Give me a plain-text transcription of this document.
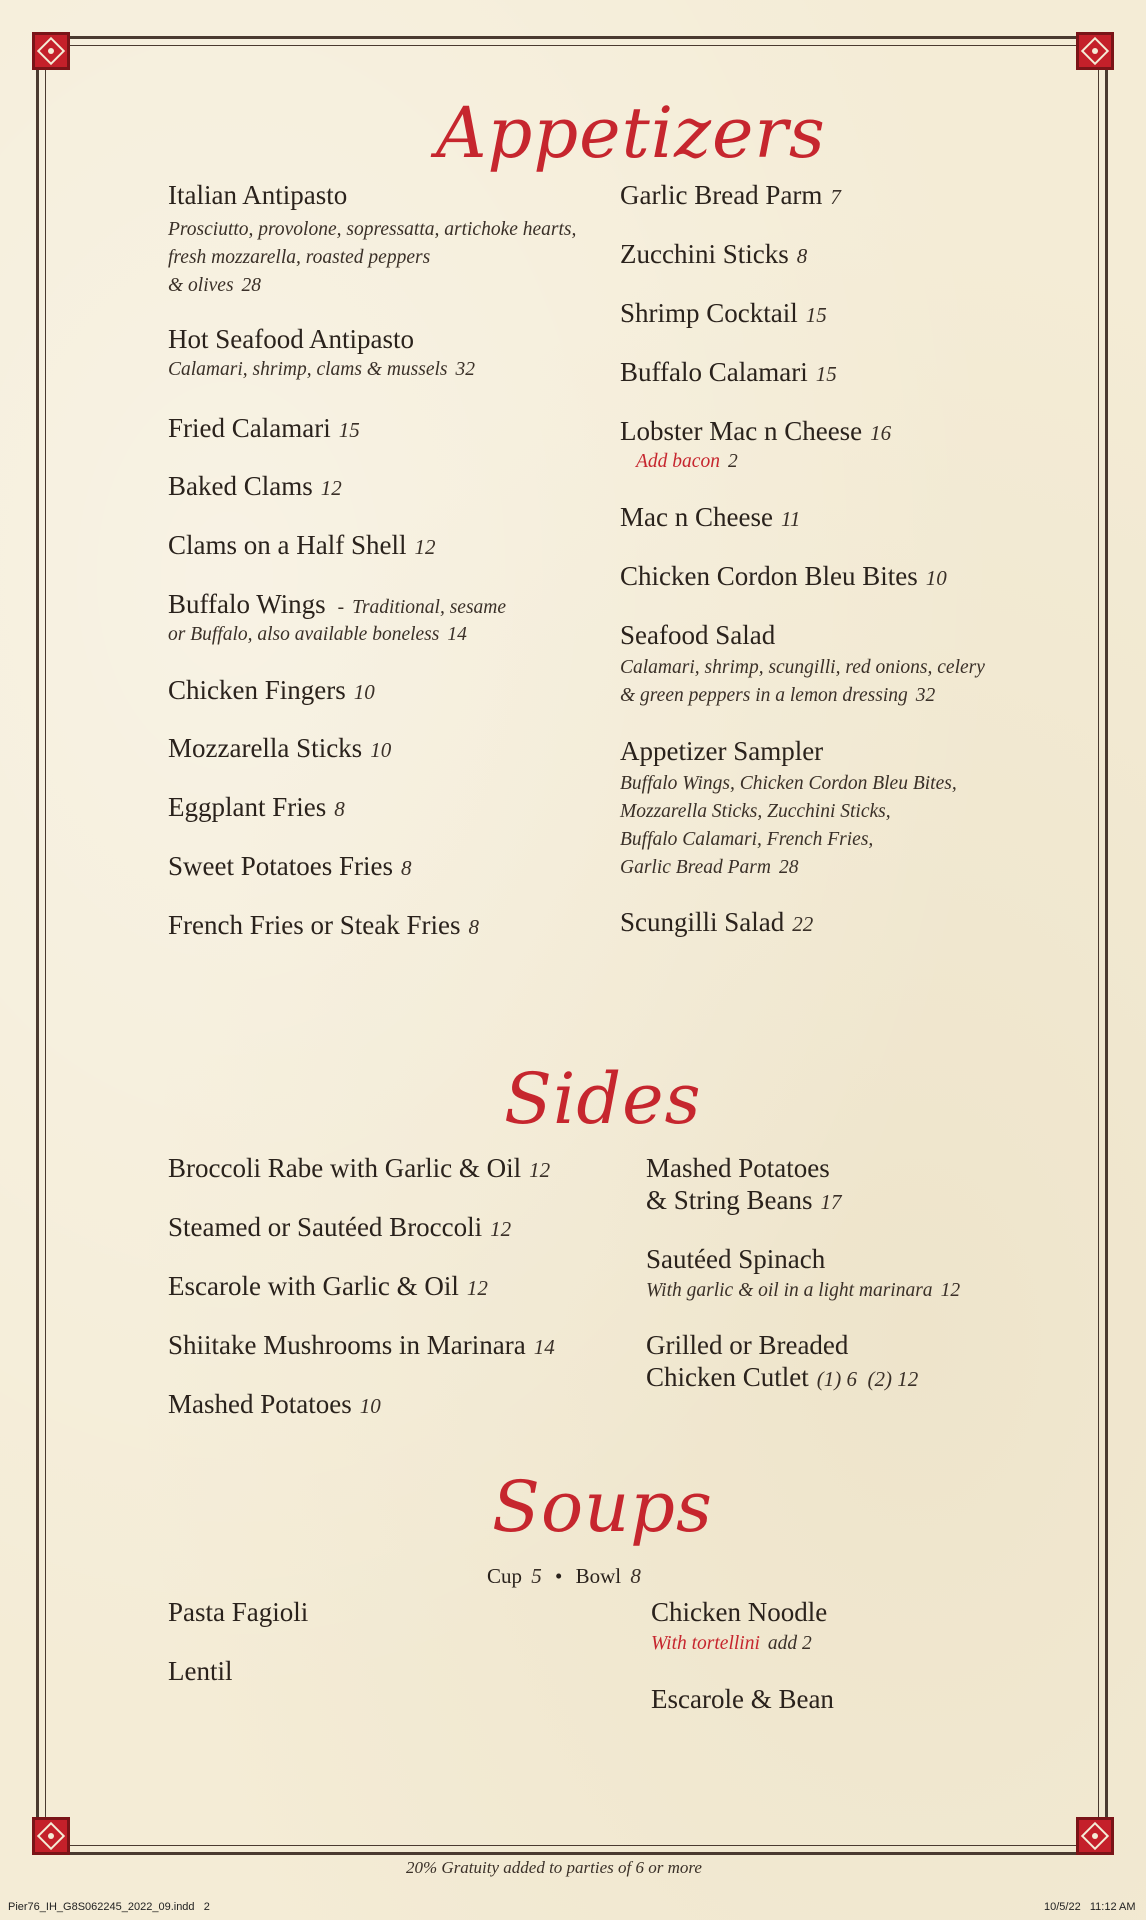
Appetizers
Italian Antipasto
Prosciutto, provolone, sopressatta, artichoke hearts,
fresh mozzarella, roasted peppers
& olives 28
Hot Seafood Antipasto
Calamari, shrimp, clams & mussels 32
Fried Calamari 15
Baked Clams 12
Clams on a Half Shell 12
Buffalo Wings - Traditional, sesame
or Buffalo, also available boneless 14
Chicken Fingers 10
Mozzarella Sticks 10
Eggplant Fries 8
Sweet Potatoes Fries 8
French Fries or Steak Fries 8
Garlic Bread Parm 7
Zucchini Sticks 8
Shrimp Cocktail 15
Buffalo Calamari 15
Lobster Mac n Cheese 16
Add bacon 2
Mac n Cheese 11
Chicken Cordon Bleu Bites 10
Seafood Salad
Calamari, shrimp, scungilli, red onions, celery
& green peppers in a lemon dressing 32
Appetizer Sampler
Buffalo Wings, Chicken Cordon Bleu Bites,
Mozzarella Sticks, Zucchini Sticks,
Buffalo Calamari, French Fries,
Garlic Bread Parm 28
Scungilli Salad 22
Sides
Broccoli Rabe with Garlic & Oil 12
Steamed or Sautéed Broccoli 12
Escarole with Garlic & Oil 12
Shiitake Mushrooms in Marinara 14
Mashed Potatoes 10
Mashed Potatoes
& String Beans 17
Sautéed Spinach
With garlic & oil in a light marinara 12
Grilled or Breaded
Chicken Cutlet (1) 6  (2) 12
Soups
Cup 5 • Bowl 8
Pasta Fagioli
Lentil
Chicken Noodle
With tortellini add 2
Escarole & Bean
20% Gratuity added to parties of 6 or more
Pier76_IH_G8S062245_2022_09.indd   2	10/5/22   11:12 AM
